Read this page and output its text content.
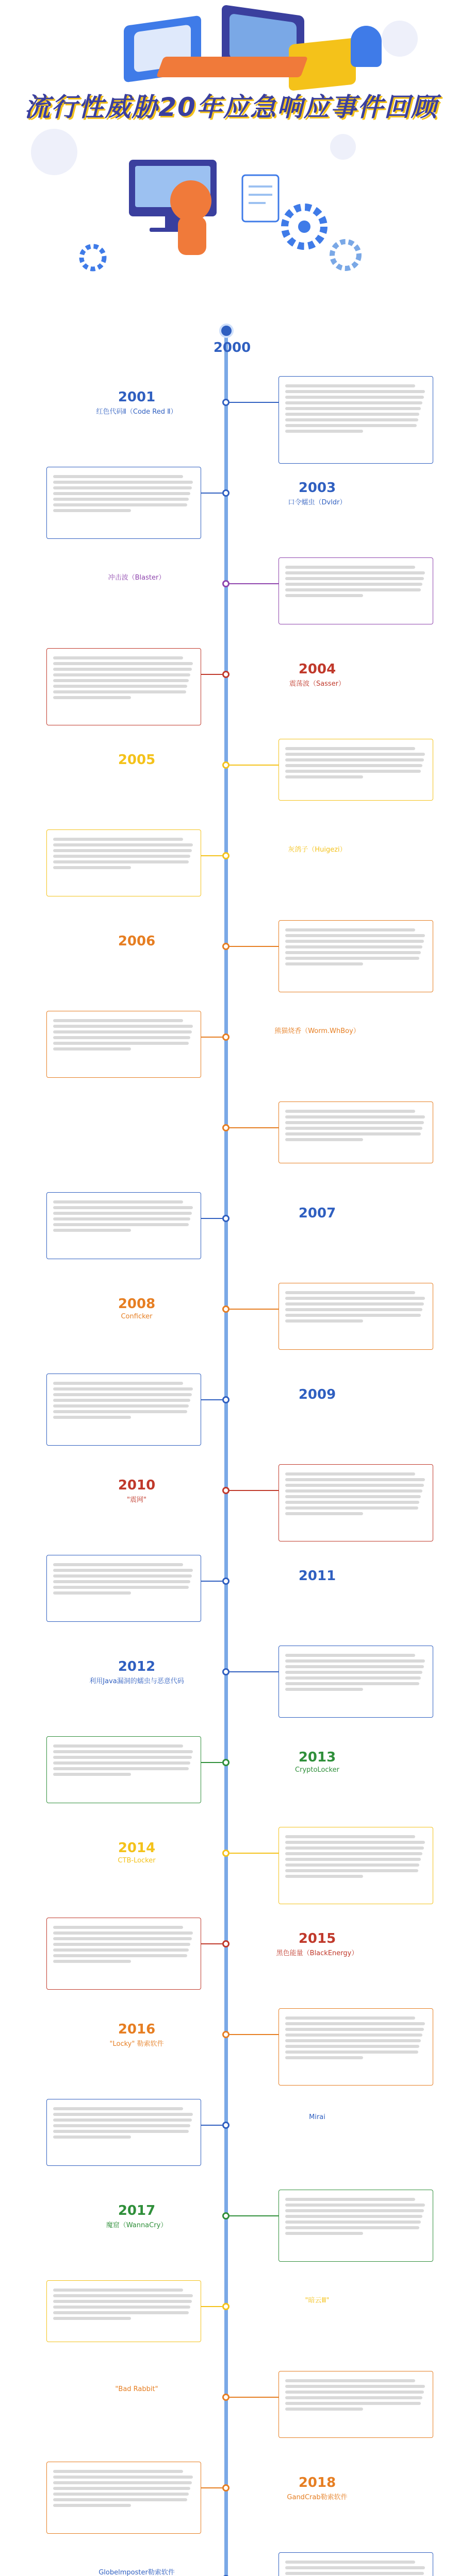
流行性威胁20年应急响应事件回顾
2000
2001
红色代码Ⅱ（Code Red Ⅱ）
2003
口令蠕虫（Dvldr）
冲击波（Blaster）
2004
震荡波（Sasser）
2005
灰鸽子（Huigezi）
2006
熊猫烧香（Worm.WhBoy）
2007
2008
Conficker
2009
2010
"震网"
2011
2012
利用Java漏洞的蠕虫与恶意代码
2013
CryptoLocker
2014
CTB-Locker
2015
黑色能量（BlackEnergy）
2016
"Locky" 勒索软件
Mirai
2017
魔窟（WannaCry）
"暗云Ⅲ"
"Bad Rabbit"
2018
GandCrab勒索软件
Globelmposter勒索软件
